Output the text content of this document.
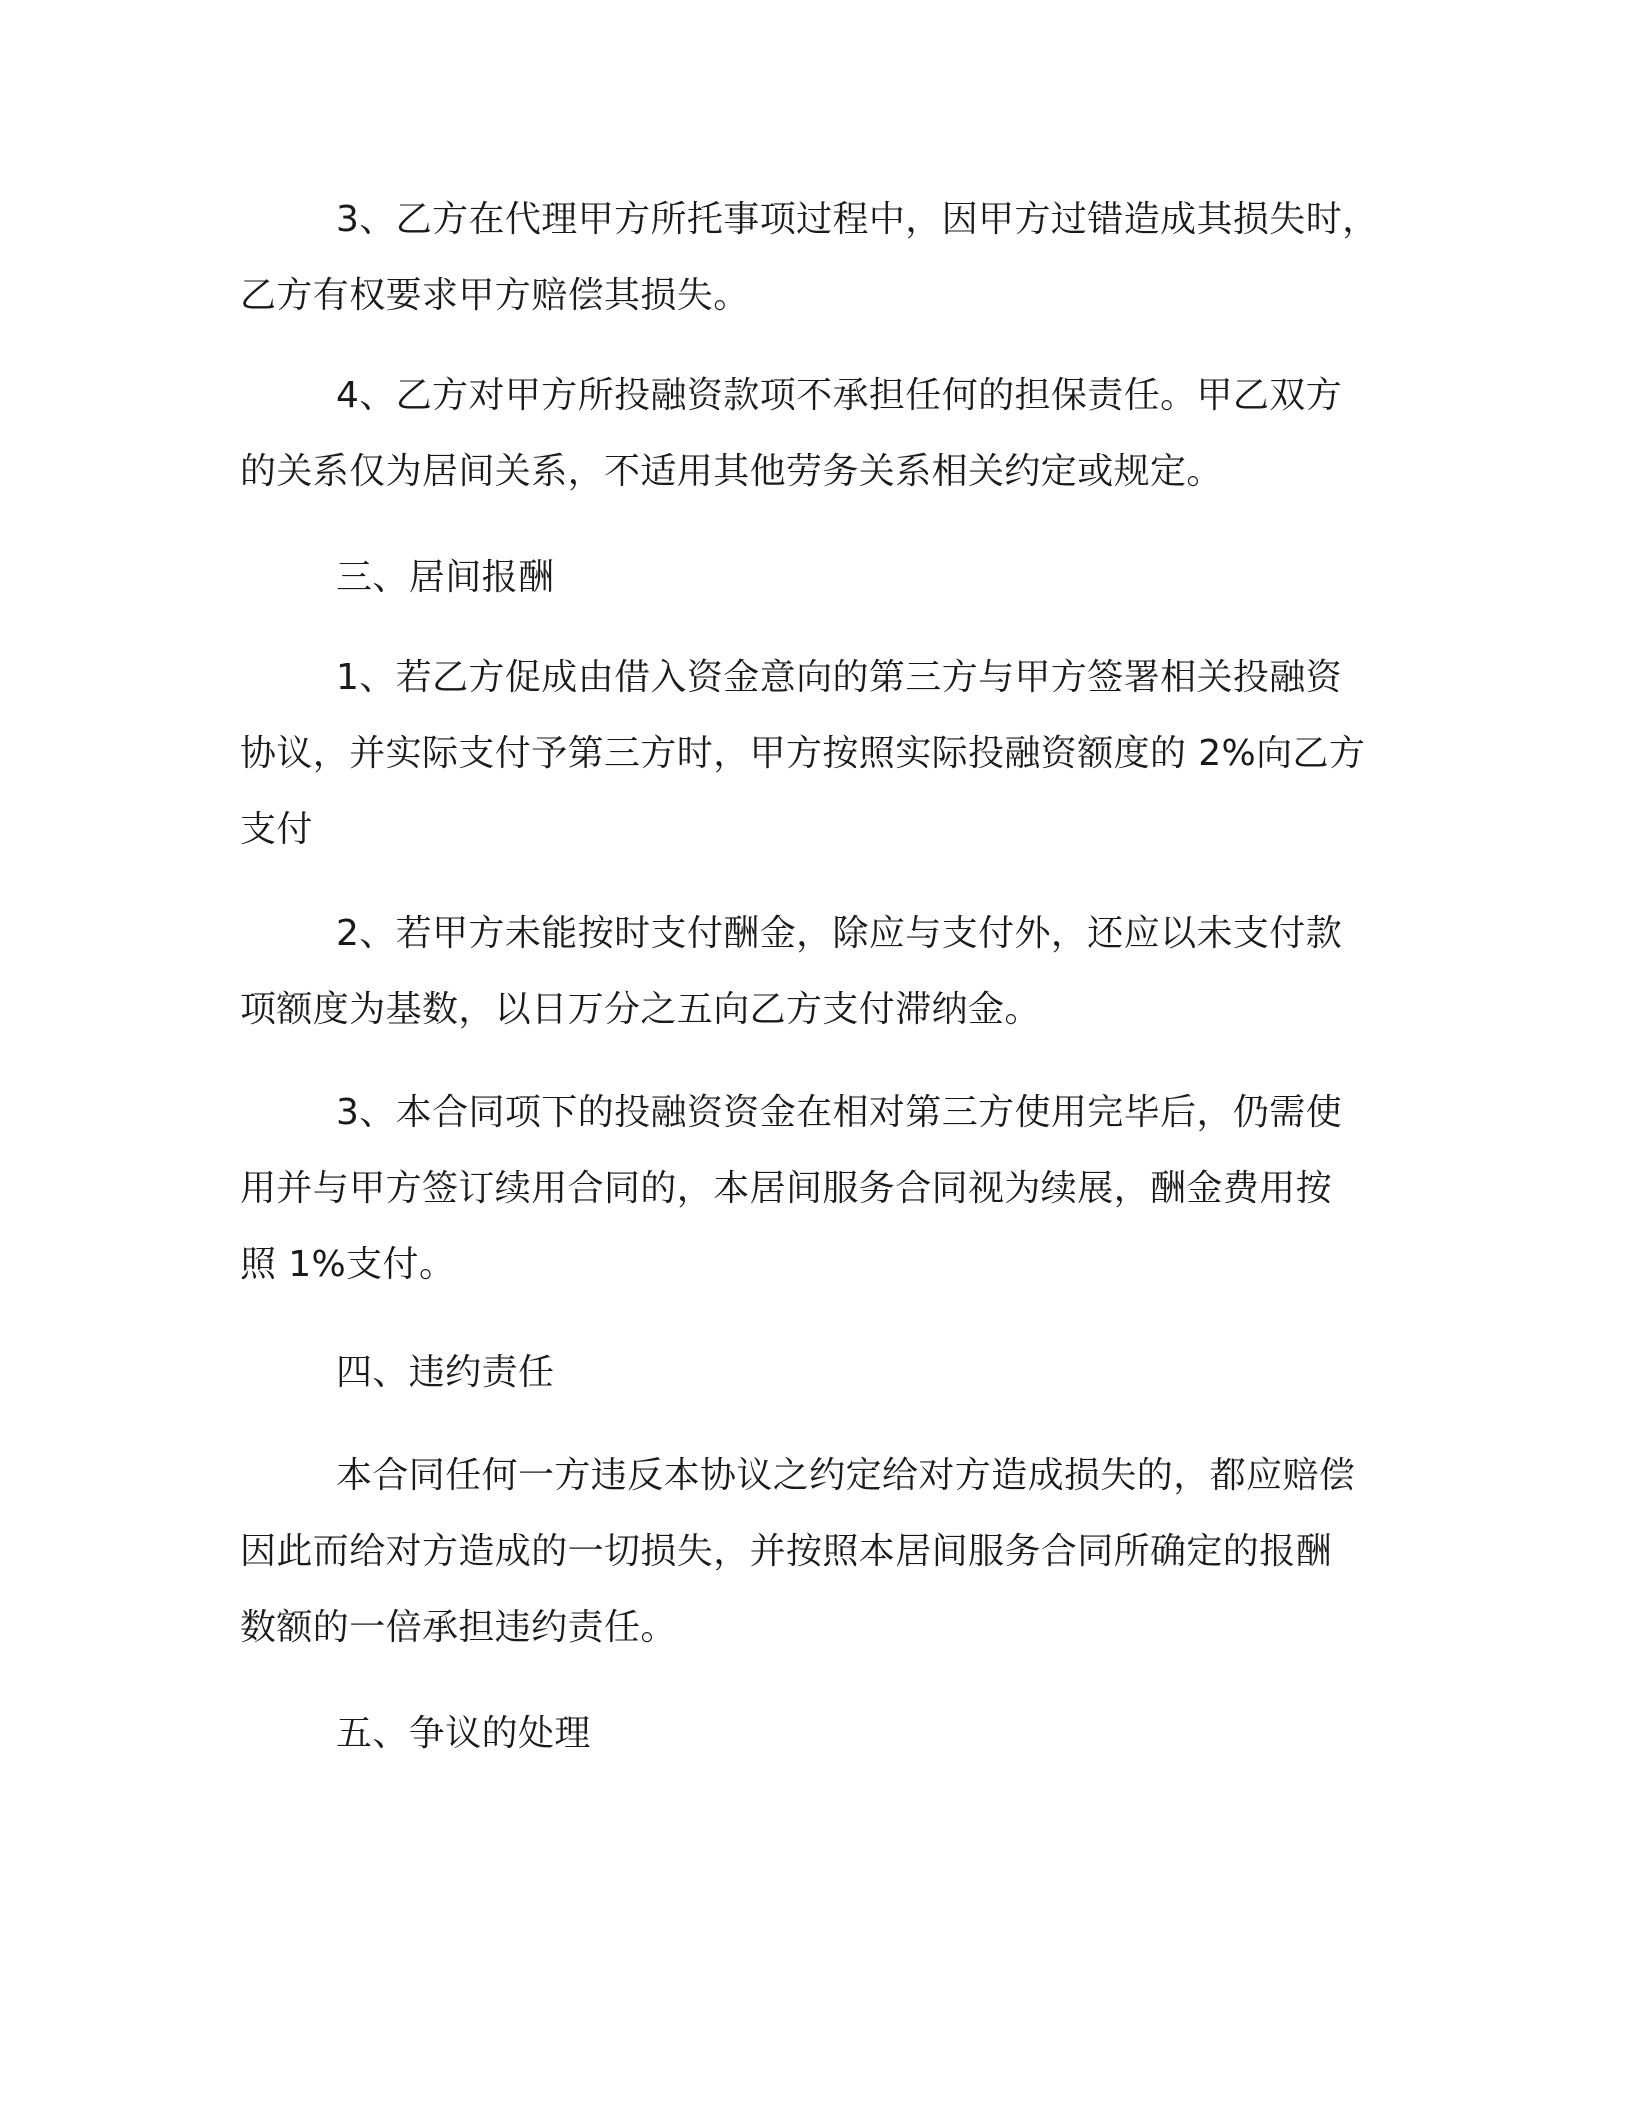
3、乙方在代理甲方所托事项过程中，因甲方过错造成其损失时，
乙方有权要求甲方赔偿其损失。
4、乙方对甲方所投融资款项不承担任何的担保责任。甲乙双方
的关系仅为居间关系，不适用其他劳务关系相关约定或规定。
三、居间报酬
1、若乙方促成由借入资金意向的第三方与甲方签署相关投融资
协议，并实际支付予第三方时，甲方按照实际投融资额度的 2%向乙方
支付
2、若甲方未能按时支付酬金，除应与支付外，还应以未支付款
项额度为基数，以日万分之五向乙方支付滞纳金。
3、本合同项下的投融资资金在相对第三方使用完毕后，仍需使
用并与甲方签订续用合同的，本居间服务合同视为续展，酬金费用按
照 1%支付。
四、违约责任
本合同任何一方违反本协议之约定给对方造成损失的，都应赔偿
因此而给对方造成的一切损失，并按照本居间服务合同所确定的报酬
数额的一倍承担违约责任。
五、争议的处理
